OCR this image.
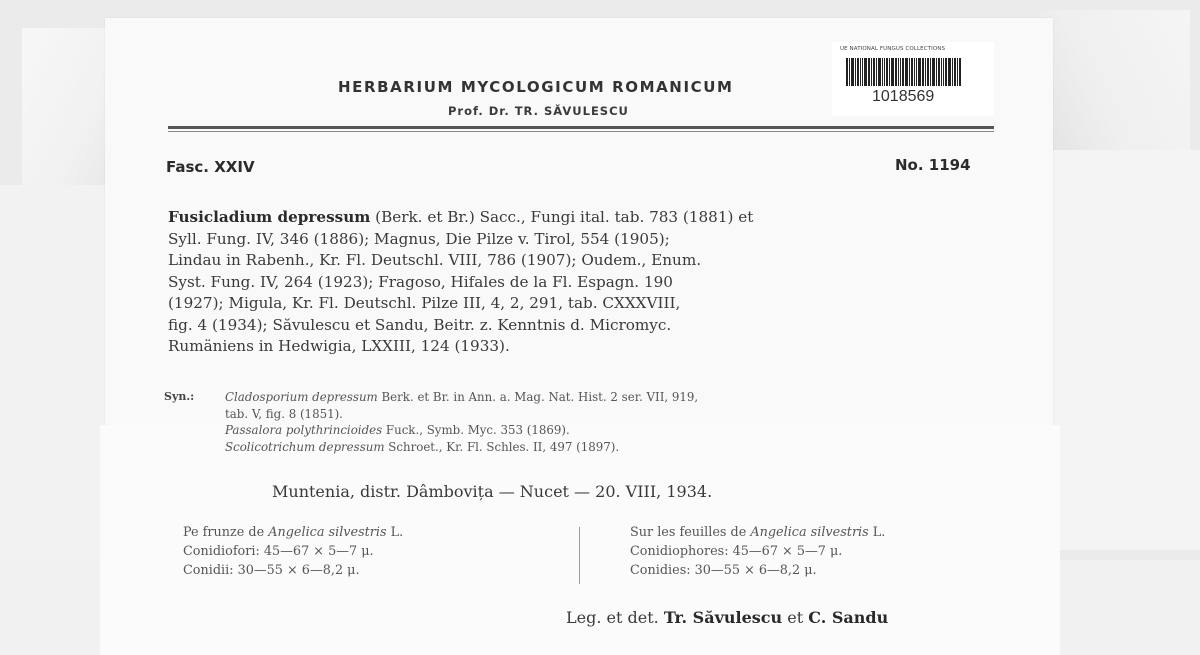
HERBARIUM MYCOLOGICUM ROMANICUM
Prof. Dr. TR. SĂVULESCU
UE NATIONAL FUNGUS COLLECTIONS
1018569
Fasc. XXIV	No. 1194
Fusicladium depressum (Berk. et Br.) Sacc., Fungi ital. tab. 783 (1881) et
Syll. Fung. IV, 346 (1886); Magnus, Die Pilze v. Tirol, 554 (1905);
Lindau in Rabenh., Kr. Fl. Deutschl. VIII, 786 (1907); Oudem., Enum.
Syst. Fung. IV, 264 (1923); Fragoso, Hifales de la Fl. Espagn. 190
(1927); Migula, Kr. Fl. Deutschl. Pilze III, 4, 2, 291, tab. CXXXVIII,
fig. 4 (1934); Săvulescu et Sandu, Beitr. z. Kenntnis d. Micromyc.
Rumäniens in Hedwigia, LXXIII, 124 (1933).
Syn.:	Cladosporium depressum Berk. et Br. in Ann. a. Mag. Nat. Hist. 2 ser. VII, 919,
tab. V, fig. 8 (1851).
Passalora polythrincioides Fuck., Symb. Myc. 353 (1869).
Scolicotrichum depressum Schroet., Kr. Fl. Schles. II, 497 (1897).
Muntenia, distr. Dâmbovița — Nucet — 20. VIII, 1934.
Pe frunze de Angelica silvestris L.
Conidiofori: 45—67 × 5—7 μ.
Conidii: 30—55 × 6—8,2 μ.
Sur les feuilles de Angelica silvestris L.
Conidiophores: 45—67 × 5—7 μ.
Conidies: 30—55 × 6—8,2 μ.
Leg. et det. Tr. Săvulescu et C. Sandu
